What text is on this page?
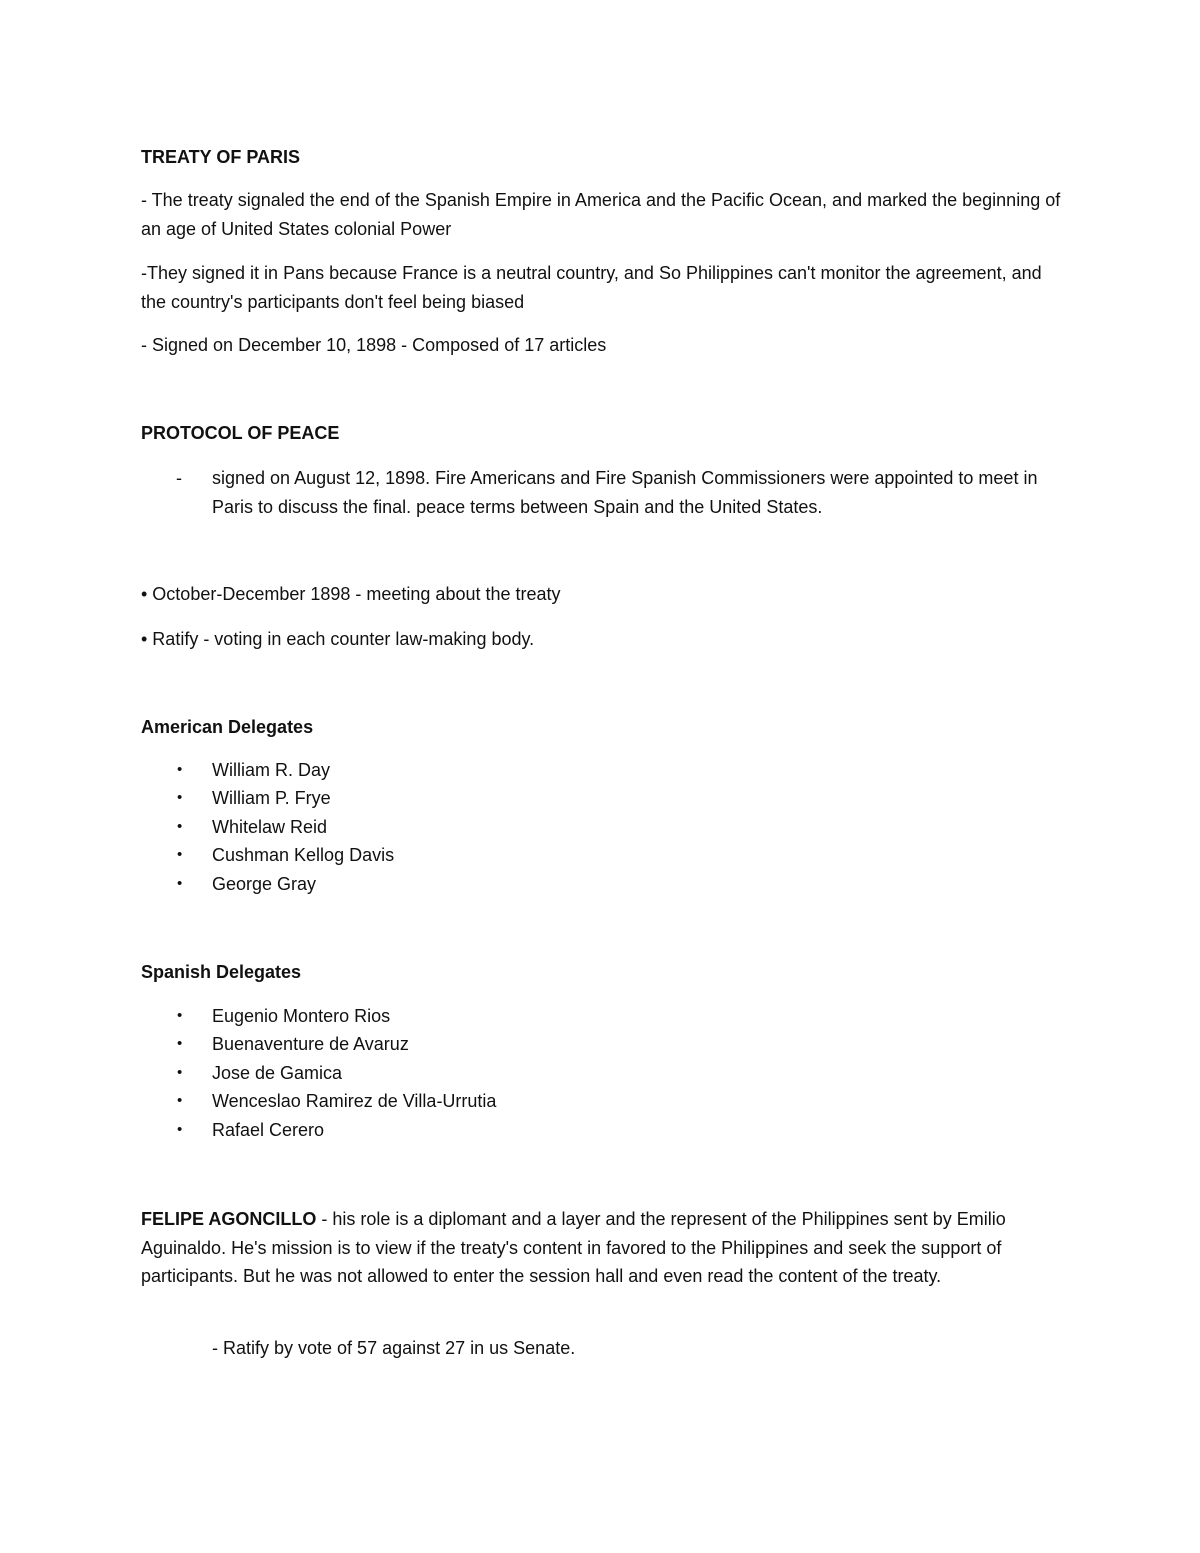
TREATY OF PARIS
- The treaty signaled the end of the Spanish Empire in America and the Pacific Ocean, and marked the beginning of an age of United States colonial Power
-They signed it in Pans because France is a neutral country, and So Philippines can't monitor the agreement, and the country's participants don't feel being biased
- Signed on December 10, 1898 - Composed of 17 articles
PROTOCOL OF PEACE
- signed on August 12, 1898. Fire Americans and Fire Spanish Commissioners were appointed to meet in Paris to discuss the final. peace terms between Spain and the United States.
• October-December 1898 - meeting about the treaty
• Ratify - voting in each counter law-making body.
American Delegates
• William R. Day
• William P. Frye
• Whitelaw Reid
• Cushman Kellog Davis
• George Gray
Spanish Delegates
• Eugenio Montero Rios
• Buenaventure de Avaruz
• Jose de Gamica
• Wenceslao Ramirez de Villa-Urrutia
• Rafael Cerero
FELIPE AGONCILLO - his role is a diplomant and a layer and the represent of the Philippines sent by Emilio Aguinaldo. He's mission is to view if the treaty's content in favored to the Philippines and seek the support of participants. But he was not allowed to enter the session hall and even read the content of the treaty.
- Ratify by vote of 57 against 27 in us Senate.
